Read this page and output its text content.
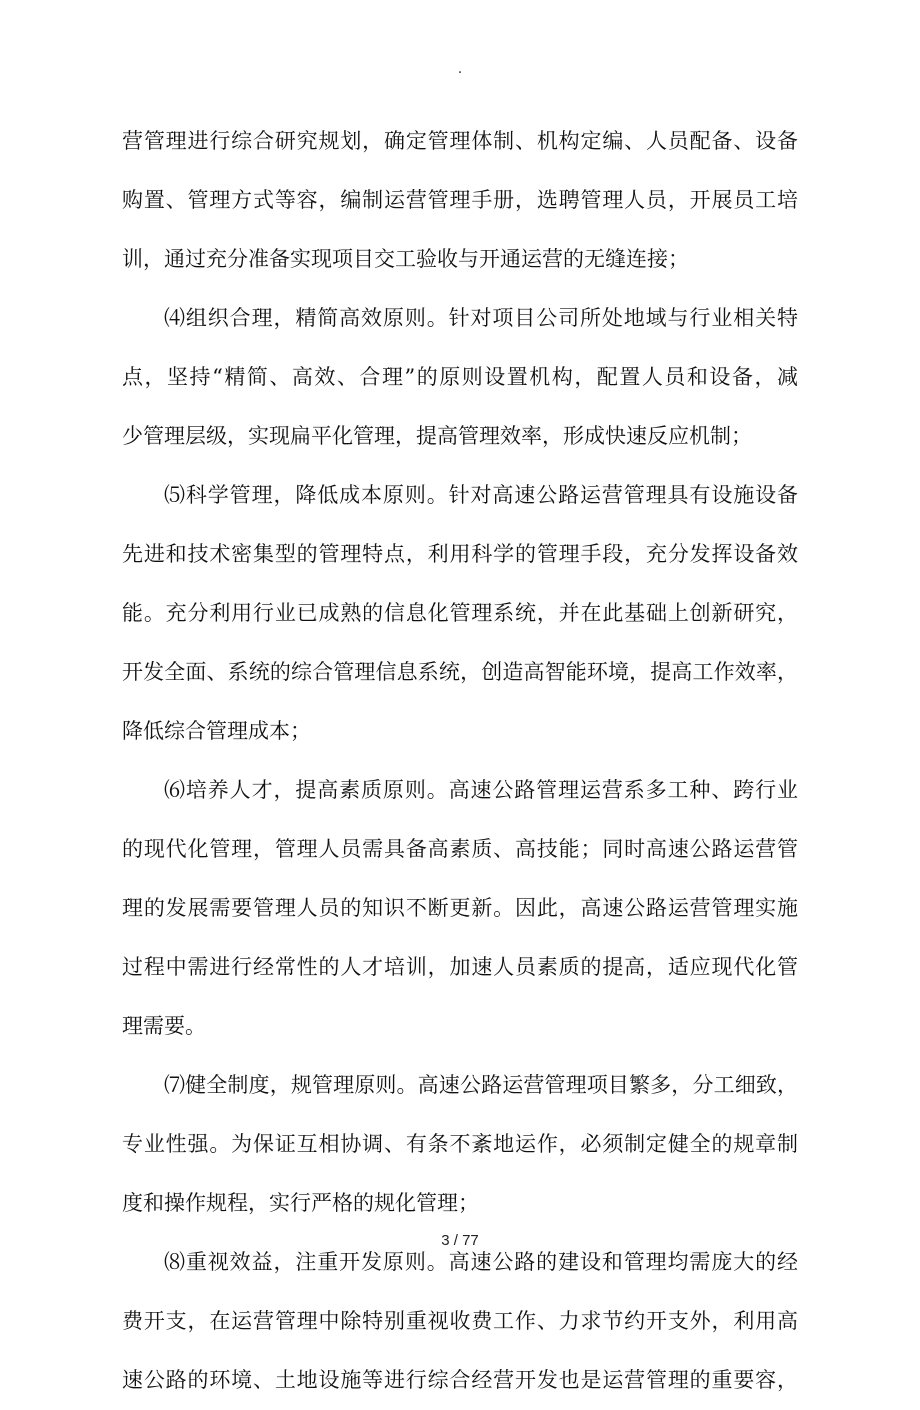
.
营管理进行综合研究规划，确定管理体制、机构定编、人员配备、设备
购置、管理方式等容，编制运营管理手册，选聘管理人员，开展员工培
训，通过充分准备实现项目交工验收与开通运营的无缝连接；
⑷组织合理，精简高效原则。针对项目公司所处地域与行业相关特
点，坚持“精简、高效、合理”的原则设置机构，配置人员和设备，减
少管理层级，实现扁平化管理，提高管理效率，形成快速反应机制；
⑸科学管理，降低成本原则。针对高速公路运营管理具有设施设备
先进和技术密集型的管理特点，利用科学的管理手段，充分发挥设备效
能。充分利用行业已成熟的信息化管理系统，并在此基础上创新研究，
开发全面、系统的综合管理信息系统，创造高智能环境，提高工作效率，
降低综合管理成本；
⑹培养人才，提高素质原则。高速公路管理运营系多工种、跨行业
的现代化管理，管理人员需具备高素质、高技能；同时高速公路运营管
理的发展需要管理人员的知识不断更新。因此，高速公路运营管理实施
过程中需进行经常性的人才培训，加速人员素质的提高，适应现代化管
理需要。
⑺健全制度，规管理原则。高速公路运营管理项目繁多，分工细致，
专业性强。为保证互相协调、有条不紊地运作，必须制定健全的规章制
度和操作规程，实行严格的规化管理；
⑻重视效益，注重开发原则。高速公路的建设和管理均需庞大的经
费开支，在运营管理中除特别重视收费工作、力求节约开支外，利用高
速公路的环境、土地设施等进行综合经营开发也是运营管理的重要容，
3 / 77
